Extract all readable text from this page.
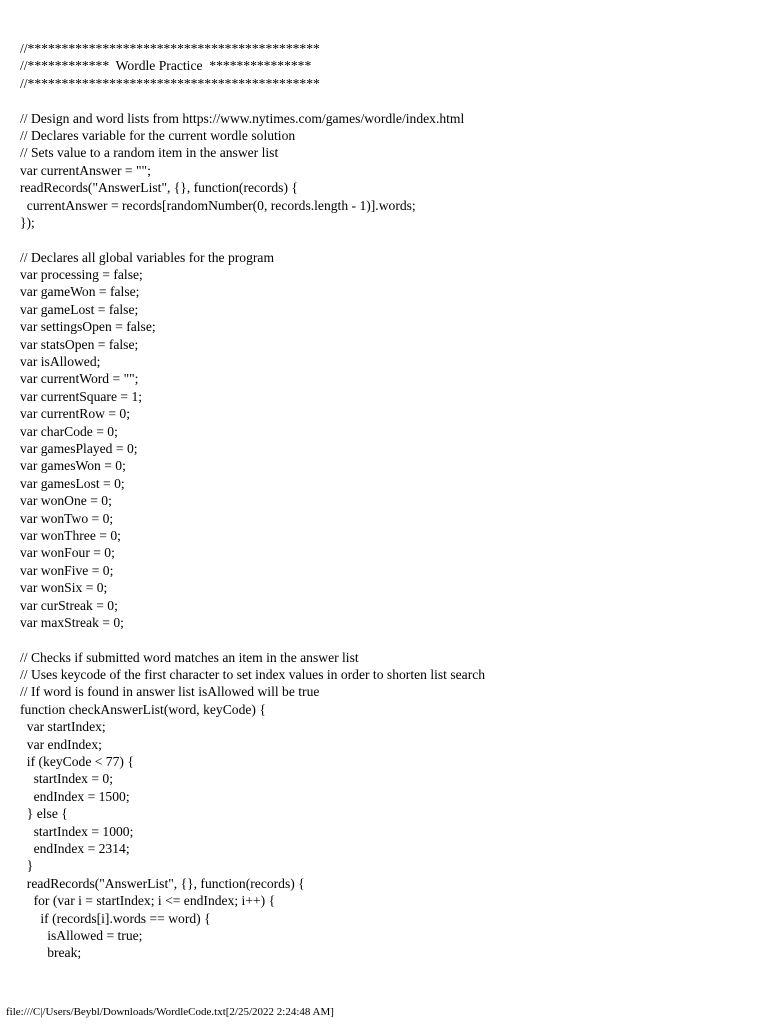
//*******************************************
//************  Wordle Practice  ***************
//*******************************************
// Design and word lists from https://www.nytimes.com/games/wordle/index.html
// Declares variable for the current wordle solution
// Sets value to a random item in the answer list
var currentAnswer = "";
readRecords("AnswerList", {}, function(records) {
currentAnswer = records[randomNumber(0, records.length - 1)].words;
});
// Declares all global variables for the program
var processing = false;
var gameWon = false;
var gameLost = false;
var settingsOpen = false;
var statsOpen = false;
var isAllowed;
var currentWord = "";
var currentSquare = 1;
var currentRow = 0;
var charCode = 0;
var gamesPlayed = 0;
var gamesWon = 0;
var gamesLost = 0;
var wonOne = 0;
var wonTwo = 0;
var wonThree = 0;
var wonFour = 0;
var wonFive = 0;
var wonSix = 0;
var curStreak = 0;
var maxStreak = 0;
// Checks if submitted word matches an item in the answer list
// Uses keycode of the first character to set index values in order to shorten list search
// If word is found in answer list isAllowed will be true
function checkAnswerList(word, keyCode) {
var startIndex;
var endIndex;
if (keyCode < 77) {
startIndex = 0;
endIndex = 1500;
} else {
startIndex = 1000;
endIndex = 2314;
}
readRecords("AnswerList", {}, function(records) {
for (var i = startIndex; i <= endIndex; i++) {
if (records[i].words == word) {
isAllowed = true;
break;
file:///C|/Users/Beybl/Downloads/WordleCode.txt[2/25/2022 2:24:48 AM]
